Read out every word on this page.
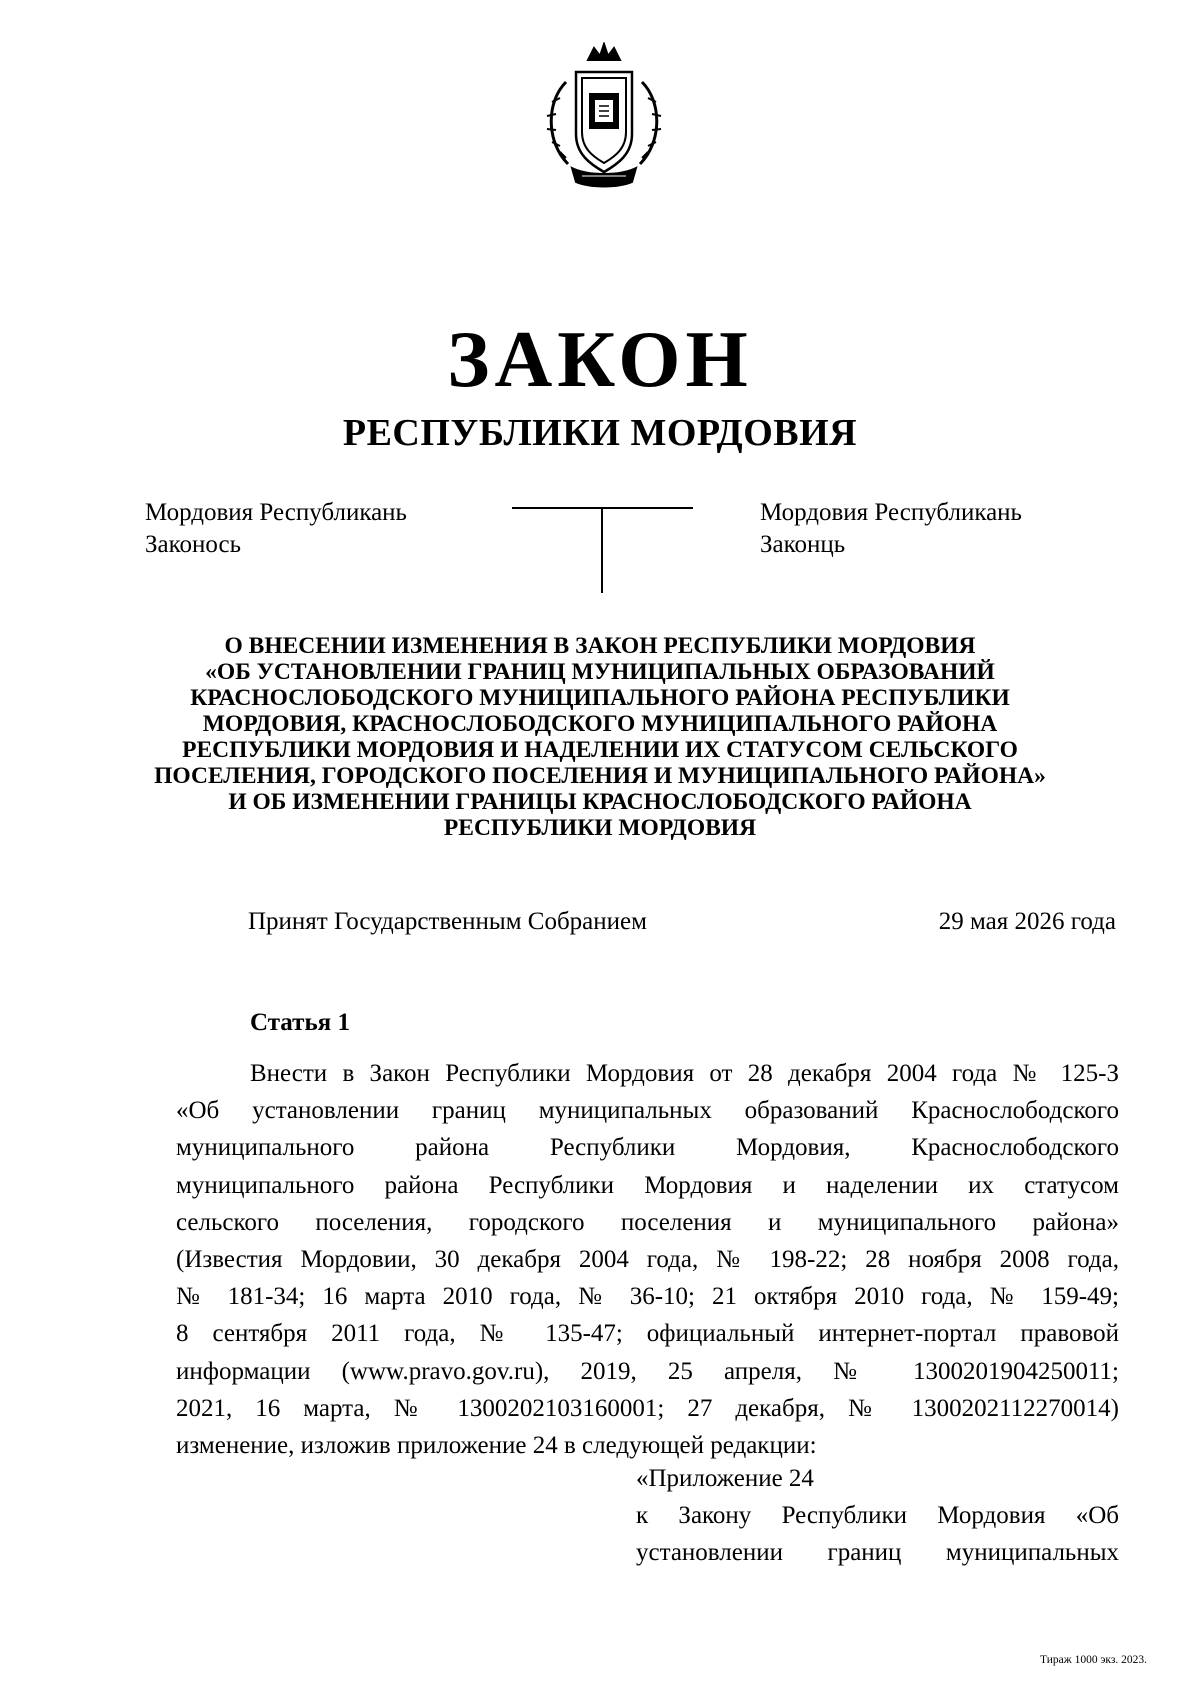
ЗАКОН
РЕСПУБЛИКИ МОРДОВИЯ
Мордовия Республикань
Законось
Мордовия Республикань
Законць
О ВНЕСЕНИИ ИЗМЕНЕНИЯ В ЗАКОН РЕСПУБЛИКИ МОРДОВИЯ
«ОБ УСТАНОВЛЕНИИ ГРАНИЦ МУНИЦИПАЛЬНЫХ ОБРАЗОВАНИЙ
КРАСНОСЛОБОДСКОГО МУНИЦИПАЛЬНОГО РАЙОНА РЕСПУБЛИКИ
МОРДОВИЯ, КРАСНОСЛОБОДСКОГО МУНИЦИПАЛЬНОГО РАЙОНА
РЕСПУБЛИКИ МОРДОВИЯ И НАДЕЛЕНИИ ИХ СТАТУСОМ СЕЛЬСКОГО
ПОСЕЛЕНИЯ, ГОРОДСКОГО ПОСЕЛЕНИЯ И МУНИЦИПАЛЬНОГО РАЙОНА»
И ОБ ИЗМЕНЕНИИ ГРАНИЦЫ КРАСНОСЛОБОДСКОГО РАЙОНА
РЕСПУБЛИКИ МОРДОВИЯ
Принят Государственным Собранием	29 мая 2026 года
Статья 1
Внести в Закон Республики Мордовия от 28 декабря 2004 года № 125-З
«Об установлении границ муниципальных образований Краснослободского
муниципального района Республики Мордовия, Краснослободского
муниципального района Республики Мордовия и наделении их статусом
сельского поселения, городского поселения и муниципального района»
(Известия Мордовии, 30 декабря 2004 года, № 198-22; 28 ноября 2008 года,
№ 181-34; 16 марта 2010 года, № 36-10; 21 октября 2010 года, № 159-49;
8 сентября 2011 года, № 135-47; официальный интернет-портал правовой
информации (www.pravo.gov.ru), 2019, 25 апреля, № 1300201904250011;
2021, 16 марта, № 1300202103160001; 27 декабря, № 1300202112270014)
изменение, изложив приложение 24 в следующей редакции:
«Приложение 24
к Закону Республики Мордовия «Об
установлении границ муниципальных
Тираж 1000 экз. 2023.
